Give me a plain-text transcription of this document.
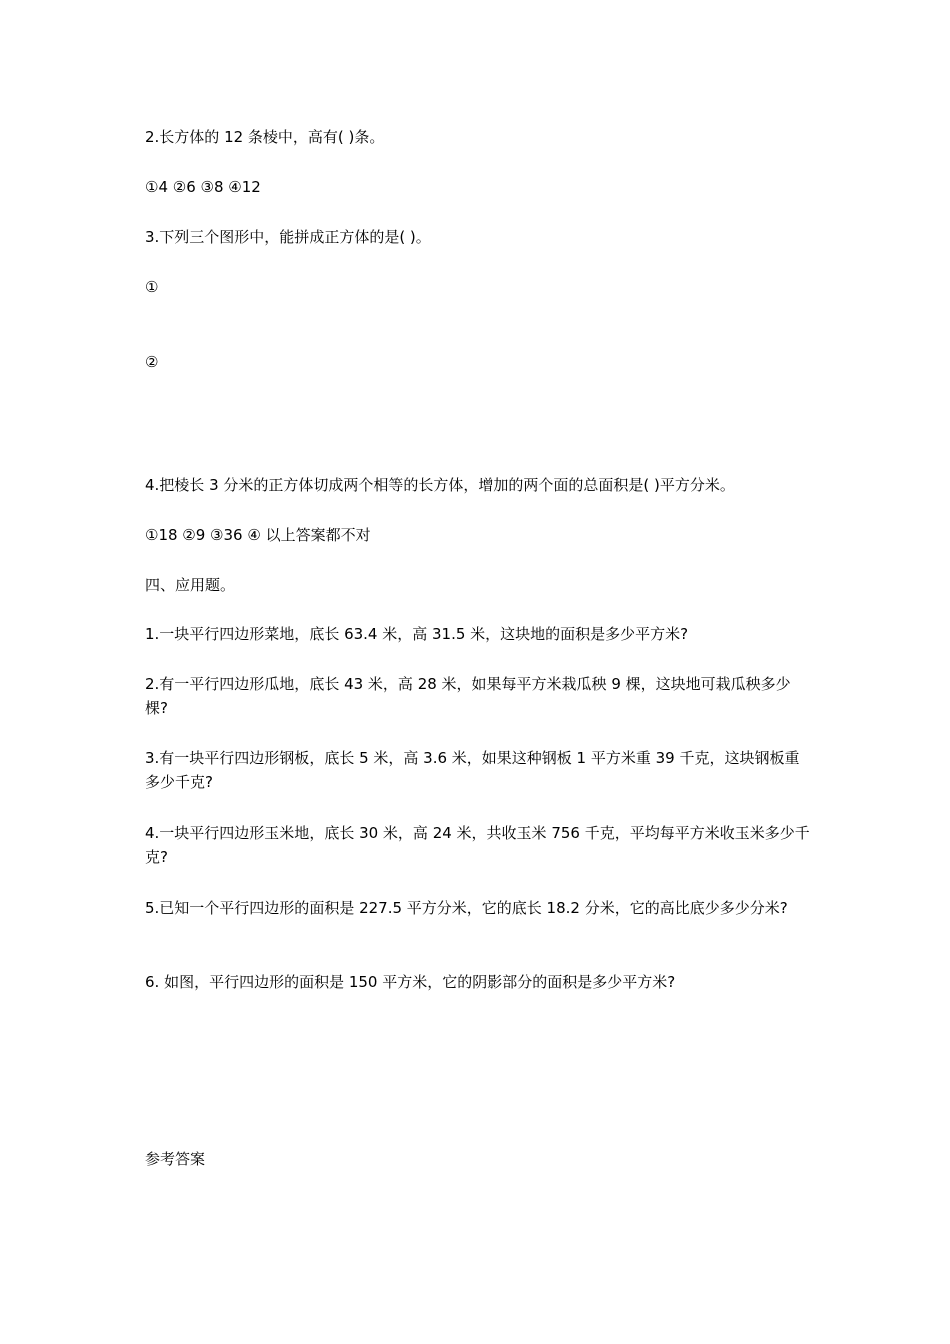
2.长方体的 12 条棱中，高有( )条。

①4 ②6 ③8 ④12

3.下列三个图形中，能拼成正方体的是( )。

①

②

4.把棱长 3 分米的正方体切成两个相等的长方体，增加的两个面的总面积是( )平方分米。

①18 ②9 ③36 ④ 以上答案都不对

四、应用题。

1.一块平行四边形菜地，底长 63.4 米，高 31.5 米，这块地的面积是多少平方米?

2.有一平行四边形瓜地，底长 43 米，高 28 米，如果每平方米栽瓜秧 9 棵，这块地可栽瓜秧多少棵?

3.有一块平行四边形钢板，底长 5 米，高 3.6 米，如果这种钢板 1 平方米重 39 千克，这块钢板重多少千克?

4.一块平行四边形玉米地，底长 30 米，高 24 米，共收玉米 756 千克，平均每平方米收玉米多少千克?

5.已知一个平行四边形的面积是 227.5 平方分米，它的底长 18.2 分米，它的高比底少多少分米?

6. 如图，平行四边形的面积是 150 平方米，它的阴影部分的面积是多少平方米?

参考答案
